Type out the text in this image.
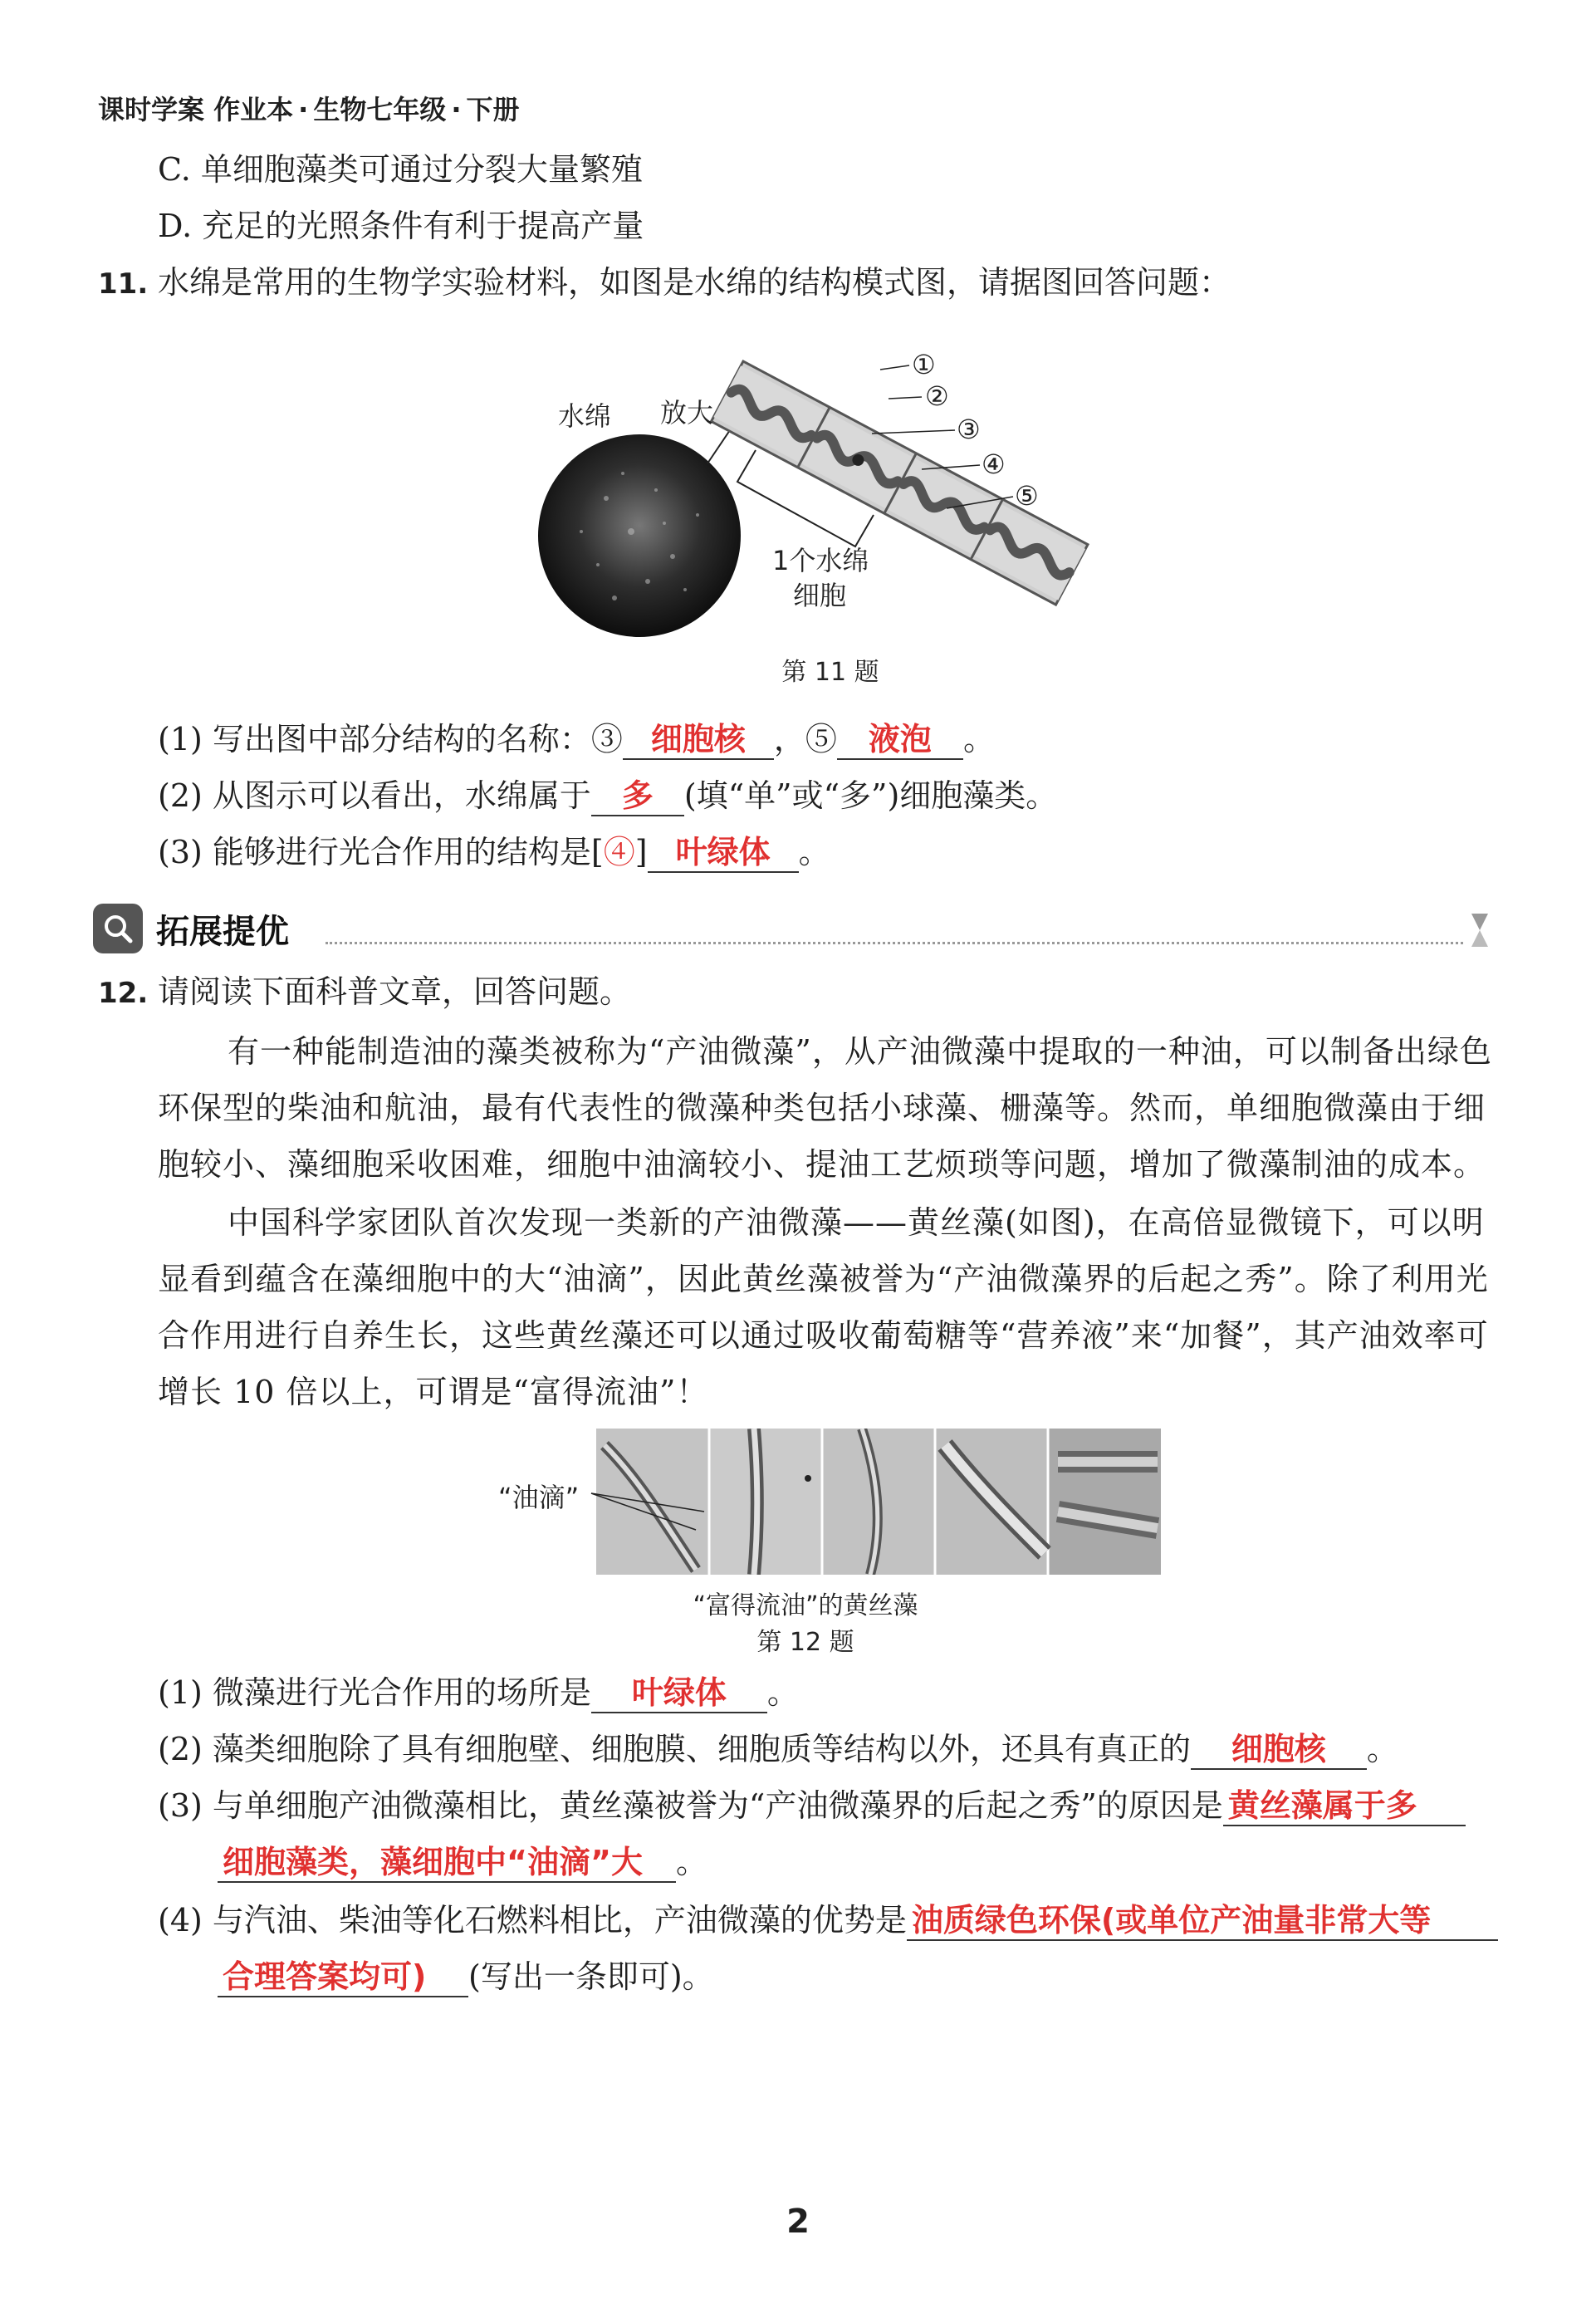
课时学案 作业本 · 生物七年级 · 下册
C. 单细胞藻类可通过分裂大量繁殖
D. 充足的光照条件有利于提高产量
11. 水绵是常用的生物学实验材料，如图是水绵的结构模式图，请据图回答问题：
水绵 放大
①
②
③
④
⑤
1个水绵
细胞
第 11 题
(1) 写出图中部分结构的名称：③ 细胞核 ，⑤ 液泡 。
(2) 从图示可以看出，水绵属于 多 (填“单”或“多”)细胞藻类。
(3) 能够进行光合作用的结构是[④] 叶绿体 。
拓展提优
12. 请阅读下面科普文章，回答问题。
有一种能制造油的藻类被称为“产油微藻”，从产油微藻中提取的一种油，可以制备出绿色环保型的柴油和航油，最有代表性的微藻种类包括小球藻、栅藻等。然而，单细胞微藻由于细胞较小、藻细胞采收困难，细胞中油滴较小、提油工艺烦琐等问题，增加了微藻制油的成本。
中国科学家团队首次发现一类新的产油微藻——黄丝藻(如图)，在高倍显微镜下，可以明显看到蕴含在藻细胞中的大“油滴”，因此黄丝藻被誉为“产油微藻界的后起之秀”。除了利用光合作用进行自养生长，这些黄丝藻还可以通过吸收葡萄糖等“营养液”来“加餐”，其产油效率可增长 10 倍以上，可谓是“富得流油”！
“油滴”
“富得流油”的黄丝藻
第 12 题
(1) 微藻进行光合作用的场所是 叶绿体 。
(2) 藻类细胞除了具有细胞壁、细胞膜、细胞质等结构以外，还具有真正的 细胞核 。
(3) 与单细胞产油微藻相比，黄丝藻被誉为“产油微藻界的后起之秀”的原因是 黄丝藻属于多
细胞藻类，藻细胞中“油滴”大 。
(4) 与汽油、柴油等化石燃料相比，产油微藻的优势是 油质绿色环保(或单位产油量非常大等
合理答案均可) (写出一条即可)。
2
